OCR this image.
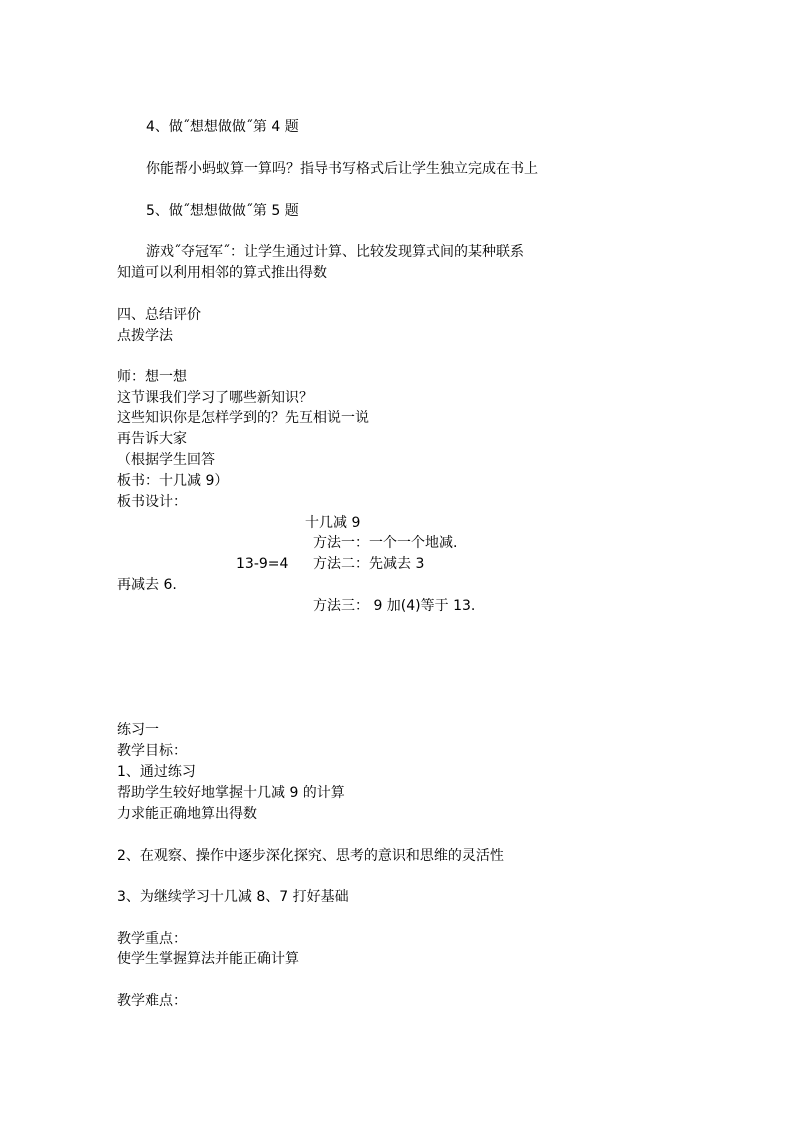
4、做˝想想做做˝第 4 题
你能帮小蚂蚁算一算吗？指导书写格式后让学生独立完成在书上
5、做˝想想做做˝第 5 题
游戏˝夺冠军˝：让学生通过计算、比较发现算式间的某种联系
知道可以利用相邻的算式推出得数
四、总结评价
点拨学法
师：想一想
这节课我们学习了哪些新知识？
这些知识你是怎样学到的？先互相说一说
再告诉大家
（根据学生回答
板书：十几减 9）
板书设计：
十几减 9
方法一：一个一个地减.
13-9=4 方法二：先减去 3
再减去 6.
方法三： 9 加(4)等于 13.
练习一
教学目标：
1、通过练习
帮助学生较好地掌握十几减 9 的计算
力求能正确地算出得数
2、在观察、操作中逐步深化探究、思考的意识和思维的灵活性
3、为继续学习十几减 8、7 打好基础
教学重点：
使学生掌握算法并能正确计算
教学难点：
